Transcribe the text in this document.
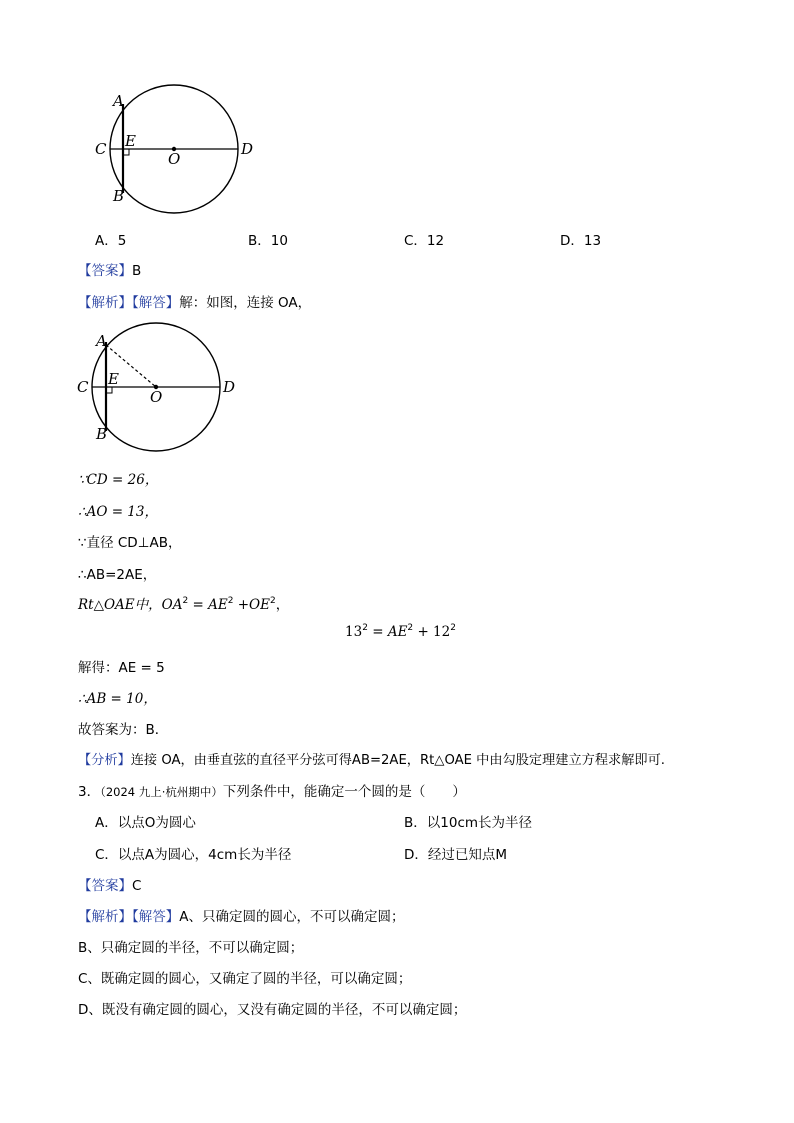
A
E
C
O
D
B
A．5	B．10	C．12	D．13
【答案】B
【解析】【解答】解：如图，连接 OA，
A
E
C
O
D
B
∵CD = 26，
∴AO = 13，
∵直径 CD⊥AB，
∴AB=2AE，
Rt△OAE中，$OA^2 = AE^2 +OE^2$，
$13^2 = AE^2 + 12^2$
解得：AE = 5
∴AB = 10，
故答案为：B．
【分析】连接 OA，由垂直弦的直径平分弦可得AB=2AE，Rt△OAE 中由勾股定理建立方程求解即可.
3．（2024 九上·杭州期中）下列条件中，能确定一个圆的是（　　）
A．以点O为圆心	B．以10cm长为半径
C．以点A为圆心，4cm长为半径	D．经过已知点M
【答案】C
【解析】【解答】A、只确定圆的圆心，不可以确定圆；
B、只确定圆的半径，不可以确定圆；
C、既确定圆的圆心，又确定了圆的半径，可以确定圆；
D、既没有确定圆的圆心，又没有确定圆的半径，不可以确定圆；
